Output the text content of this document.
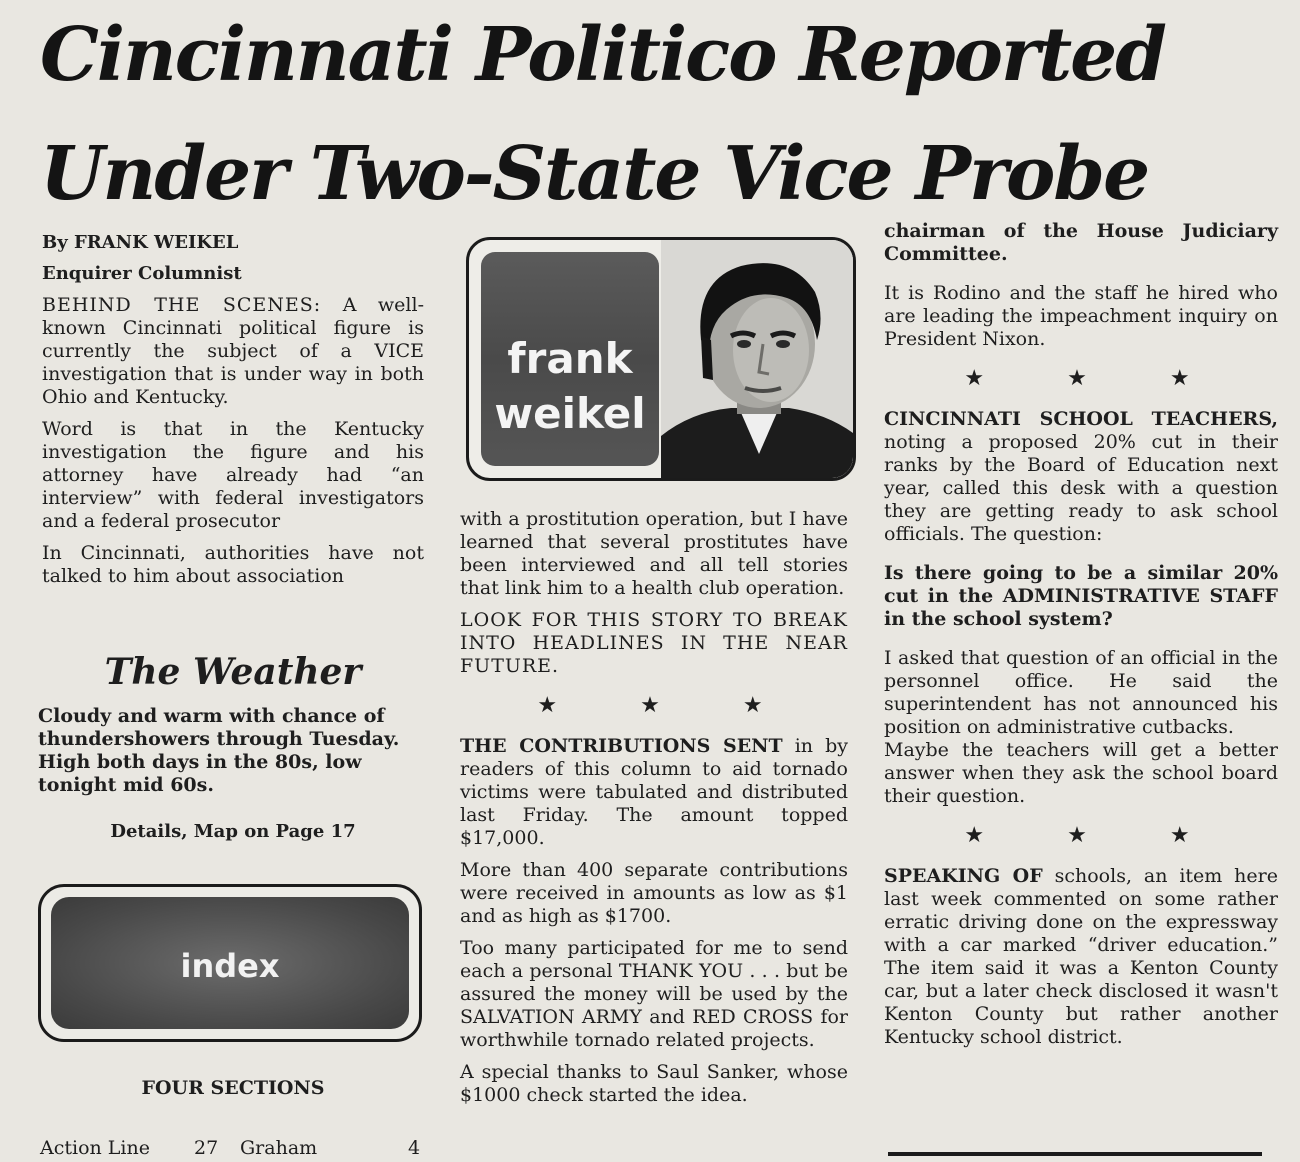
Cincinnati Politico Reported
Under Two-State Vice Probe

By FRANK WEIKEL

Enquirer Columnist

BEHIND THE SCENES: A well-known Cincinnati political figure is currently the subject of a VICE investigation that is under way in both Ohio and Kentucky.

Word is that in the Kentucky investigation the figure and his attorney have already had “an interview” with federal investigators and a federal prosecutor

In Cincinnati, authorities have not talked to him about association

The Weather

Cloudy and warm with chance of thundershowers through Tuesday. High both days in the 80s, low tonight mid 60s.

Details, Map on Page 17
index
FOUR SECTIONS
Action Line 27 Graham	4
frank
weikel

with a prostitution operation, but I have learned that several prostitutes have been interviewed and all tell stories that link him to a health club operation.

LOOK FOR THIS STORY TO BREAK INTO HEADLINES IN THE NEAR FUTURE.

★ ★ ★

THE CONTRIBUTIONS SENT in by readers of this column to aid tornado victims were tabulated and distributed last Friday. The amount topped $17,000.

More than 400 separate contributions were received in amounts as low as $1 and as high as $1700.

Too many participated for me to send each a personal THANK YOU . . . but be assured the money will be used by the SALVATION ARMY and RED CROSS for worthwhile tornado related projects.

A special thanks to Saul Sanker, whose $1000 check started the idea.

chairman of the House Judiciary Committee.

It is Rodino and the staff he hired who are leading the impeachment inquiry on President Nixon.

★ ★ ★

CINCINNATI SCHOOL TEACHERS, noting a proposed 20% cut in their ranks by the Board of Education next year, called this desk with a question they are getting ready to ask school officials. The question:

Is there going to be a similar 20% cut in the ADMINISTRATIVE STAFF in the school system?

I asked that question of an official in the personnel office. He said the superintendent has not announced his position on administrative cutbacks.

Maybe the teachers will get a better answer when they ask the school board their question.

★ ★ ★

SPEAKING OF schools, an item here last week commented on some rather erratic driving done on the expressway with a car marked “driver education.” The item said it was a Kenton County car, but a later check disclosed it wasn't Kenton County but rather another Kentucky school district.
